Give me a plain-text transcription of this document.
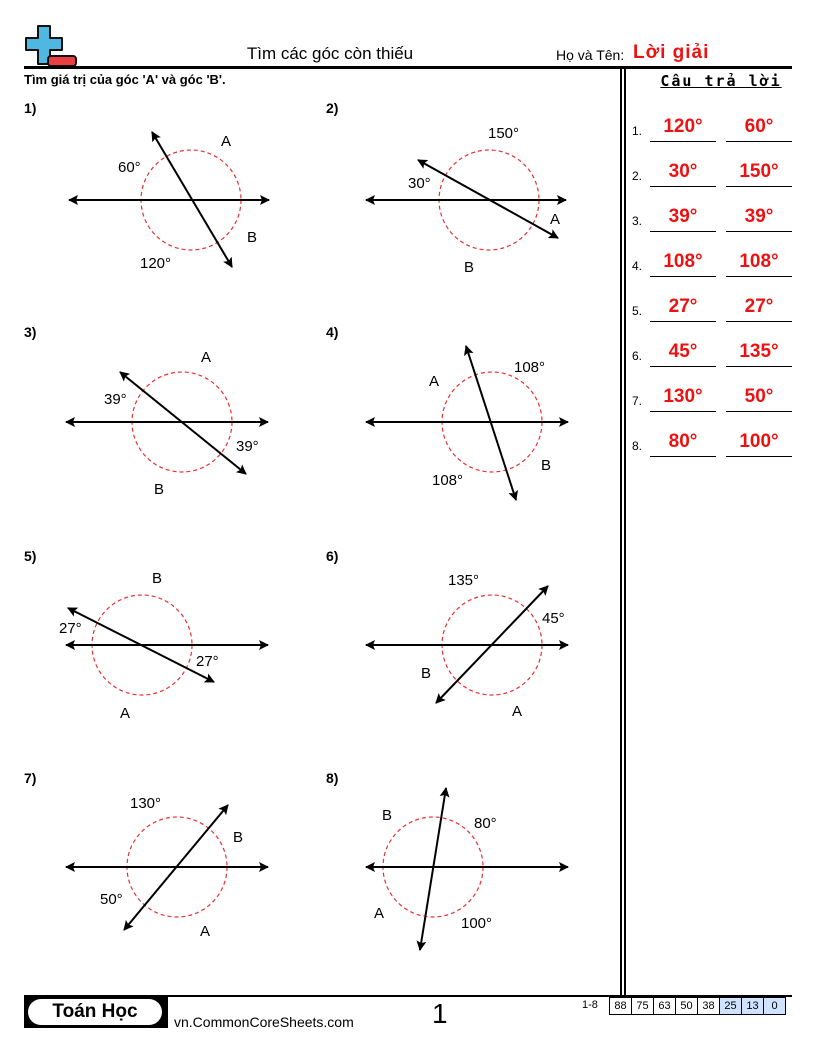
Tìm các góc còn thiếu	Họ và Tên: Lời giải
Tìm giá trị của góc 'A' và góc 'B'.	Câu trả lời
1.	120°	60°
2.	30°	150°
3.	39°	39°
4.	108°	108°
5.	27°	27°
6.	45°	135°
7.	130°	50°
8.	80°	100°
1)
60°
120°
A
B
2)
30°
150°
A
B
3)
39°
39°
A
B
4)
108°
108°
A
B
5)
27°
27°
A
B
6)
135°
45°
A
B
7)
130°
50°
A
B
8)
80°
100°
A
B
Toán Học	vn.CommonCoreSheets.com	1	1-8 88	75	63	50	38	25	13	0
